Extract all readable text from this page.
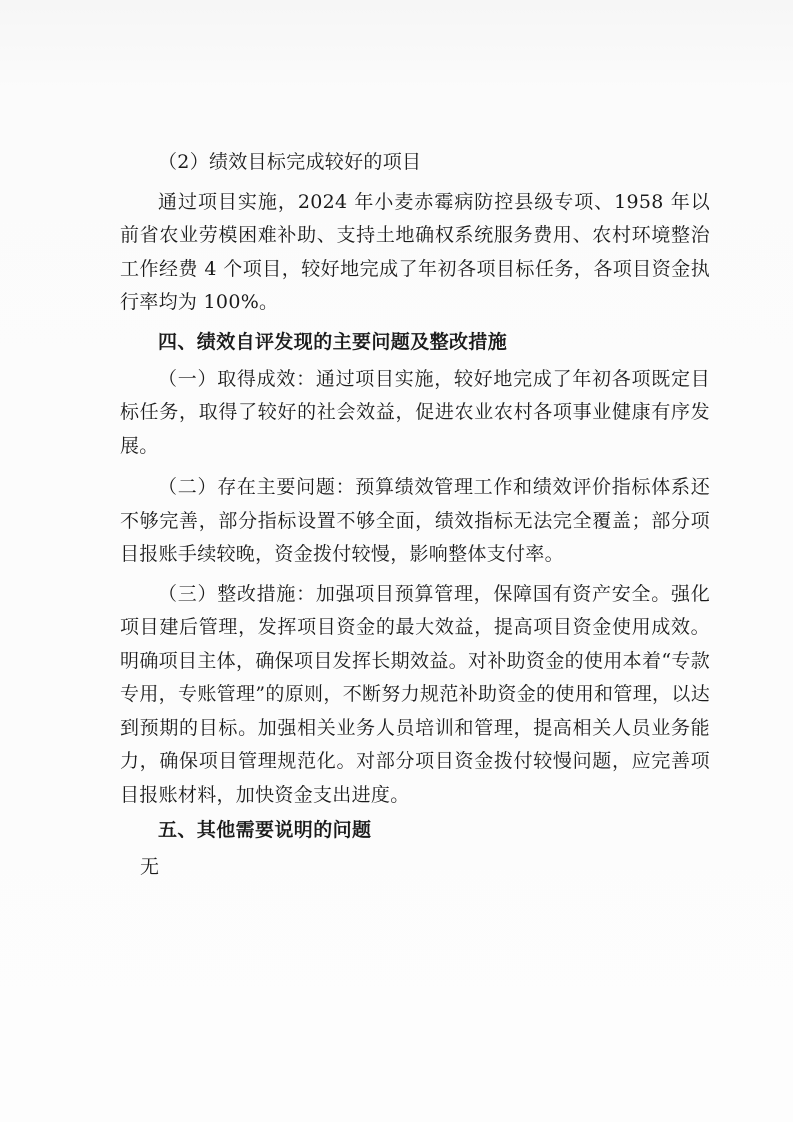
（2）绩效目标完成较好的项目

通过项目实施，2024 年小麦赤霉病防控县级专项、1958 年以前省农业劳模困难补助、支持土地确权系统服务费用、农村环境整治工作经费 4 个项目，较好地完成了年初各项目标任务，各项目资金执行率均为 100%。

四、绩效自评发现的主要问题及整改措施

（一）取得成效：通过项目实施，较好地完成了年初各项既定目标任务，取得了较好的社会效益，促进农业农村各项事业健康有序发展。

（二）存在主要问题：预算绩效管理工作和绩效评价指标体系还不够完善，部分指标设置不够全面，绩效指标无法完全覆盖；部分项目报账手续较晚，资金拨付较慢，影响整体支付率。

（三）整改措施：加强项目预算管理，保障国有资产安全。强化项目建后管理，发挥项目资金的最大效益，提高项目资金使用成效。明确项目主体，确保项目发挥长期效益。对补助资金的使用本着“专款专用，专账管理”的原则，不断努力规范补助资金的使用和管理，以达到预期的目标。加强相关业务人员培训和管理，提高相关人员业务能力，确保项目管理规范化。对部分项目资金拨付较慢问题，应完善项目报账材料，加快资金支出进度。

五、其他需要说明的问题

无
